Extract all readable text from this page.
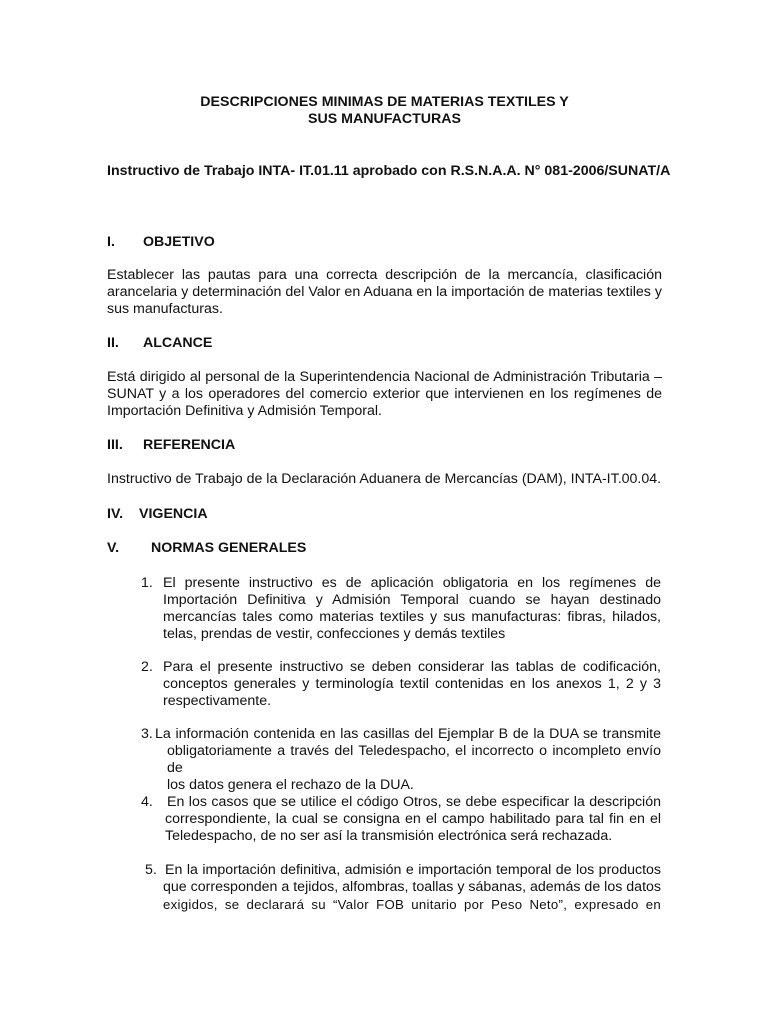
DESCRIPCIONES MINIMAS DE MATERIAS TEXTILES Y
SUS MANUFACTURAS
Instructivo de Trabajo INTA- IT.01.11 aprobado con R.S.N.A.A. N° 081-2006/SUNAT/A
I. OBJETIVO
Establecer las pautas para una correcta descripción de la mercancía, clasificación
arancelaria y determinación del Valor en Aduana en la importación de materias textiles y
sus manufacturas.
II. ALCANCE
Está dirigido al personal de la Superintendencia Nacional de Administración Tributaria –
SUNAT y a los operadores del comercio exterior que intervienen en los regímenes de
Importación Definitiva y Admisión Temporal.
III. REFERENCIA
Instructivo de Trabajo de la Declaración Aduanera de Mercancías (DAM), INTA-IT.00.04.
IV. VIGENCIA
V. NORMAS GENERALES
1. El presente instructivo es de aplicación obligatoria en los regímenes de
Importación Definitiva y Admisión Temporal cuando se hayan destinado
mercancías tales como materias textiles y sus manufacturas: fibras, hilados,
telas, prendas de vestir, confecciones y demás textiles
2. Para el presente instructivo se deben considerar las tablas de codificación,
conceptos generales y terminología textil contenidas en los anexos 1, 2 y 3
respectivamente.
3. La información contenida en las casillas del Ejemplar B de la DUA se transmite
obligatoriamente a través del Teledespacho, el incorrecto o incompleto envío de
los datos genera el rechazo de la DUA.
4. En los casos que se utilice el código Otros, se debe especificar la descripción
correspondiente, la cual se consigna en el campo habilitado para tal fin en el
Teledespacho, de no ser así la transmisión electrónica será rechazada.
5. En la importación definitiva, admisión e importación temporal de los productos
que corresponden a tejidos, alfombras, toallas y sábanas, además de los datos
exigidos, se declarará su “Valor FOB unitario por Peso Neto”, expresado en
